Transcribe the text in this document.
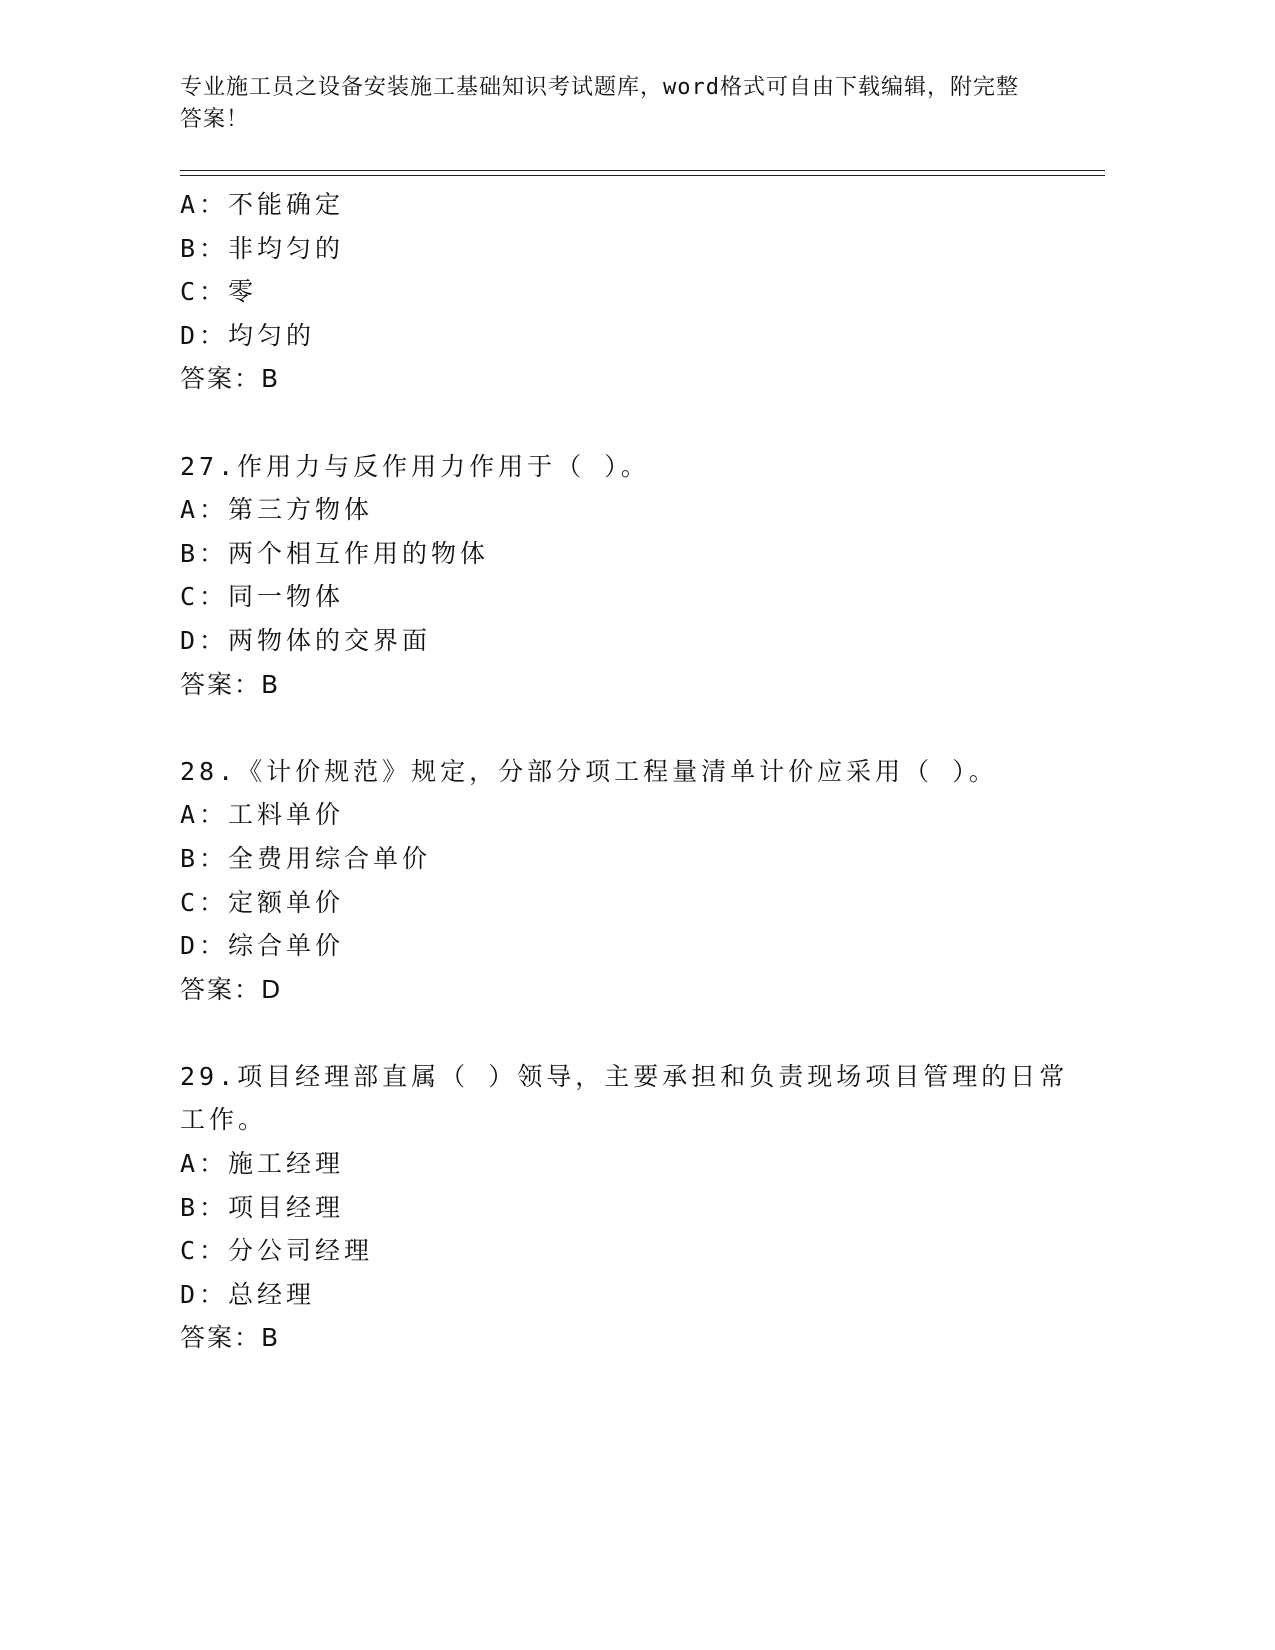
专业施工员之设备安装施工基础知识考试题库，word格式可自由下载编辑，附完整答案！
A：不能确定
B：非均匀的
C：零
D：均匀的
答案：B
27.作用力与反作用力作用于（ ）。
A：第三方物体
B：两个相互作用的物体
C：同一物体
D：两物体的交界面
答案：B
28.《计价规范》规定，分部分项工程量清单计价应采用（ ）。
A：工料单价
B：全费用综合单价
C：定额单价
D：综合单价
答案：D
29.项目经理部直属（ ）领导，主要承担和负责现场项目管理的日常
工作。
A：施工经理
B：项目经理
C：分公司经理
D：总经理
答案：B
